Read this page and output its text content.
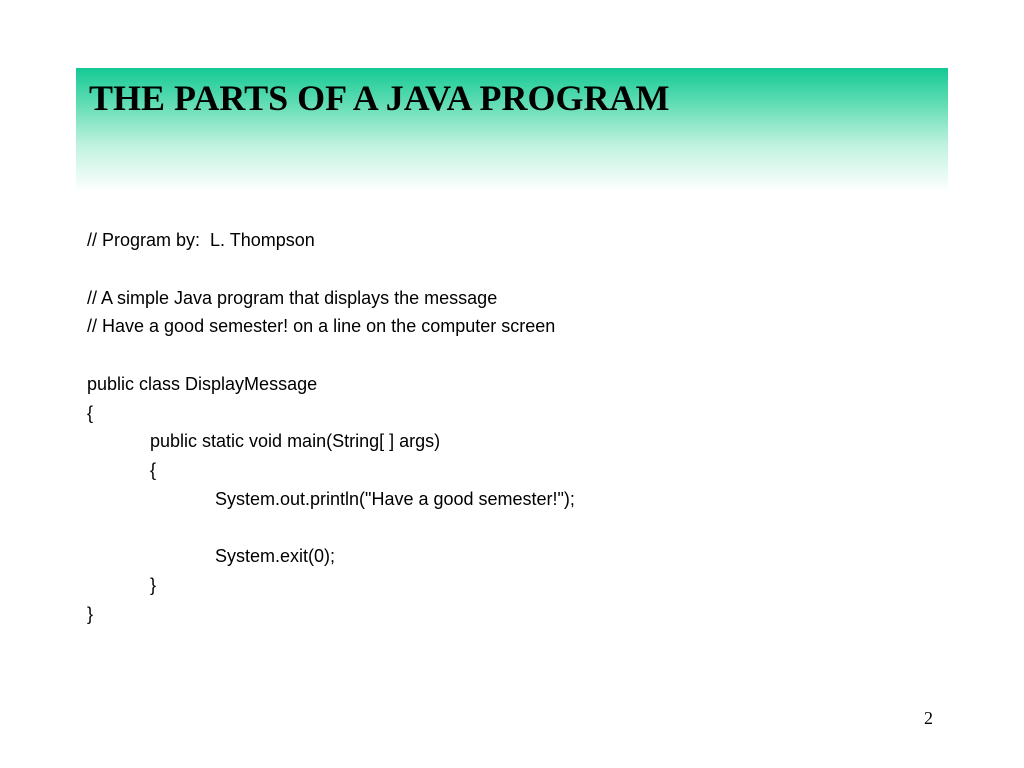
THE PARTS OF A JAVA PROGRAM
// Program by:  L. Thompson
// A simple Java program that displays the message
// Have a good semester! on a line on the computer screen
public class DisplayMessage
{
public static void main(String[ ] args)
{
System.out.println("Have a good semester!");
System.exit(0);
}
}
2
